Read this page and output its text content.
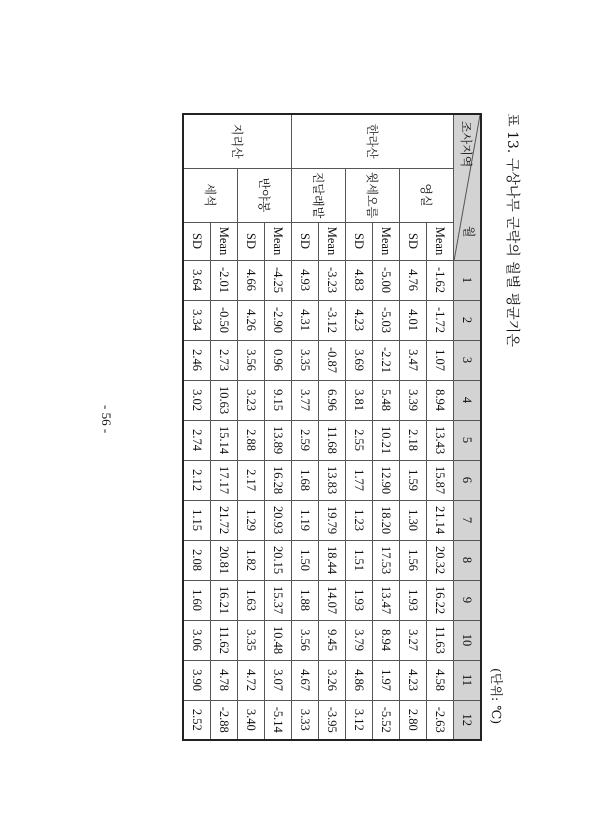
표 13. 구상나무 군락의 월별 평균기온
(단위: ℃)
월
조사지역			1	2	3	4	5	6	7	8	9	10	11	12
한라산	영실	Mean	-1.62	-1.72	1.07	8.94	13.43	15.87	21.14	20.32	16.22	11.63	4.58	-2.63
		SD	4.76	4.01	3.47	3.39	2.18	1.59	1.30	1.56	1.93	3.27	4.23	2.80
	윗세오름	Mean	-5.00	-5.03	-2.21	5.48	10.21	12.90	18.20	17.53	13.47	8.94	1.97	-5.52
		SD	4.83	4.23	3.69	3.81	2.55	1.77	1.23	1.51	1.93	3.79	4.86	3.12
	진달래밭	Mean	-3.23	-3.12	-0.87	6.96	11.68	13.83	19.79	18.44	14.07	9.45	3.26	-3.95
		SD	4.93	4.31	3.35	3.77	2.59	1.68	1.19	1.50	1.88	3.56	4.67	3.33
지리산	반야봉	Mean	-4.25	-2.90	0.96	9.15	13.89	16.28	20.93	20.15	15.37	10.48	3.07	-5.14
		SD	4.66	4.26	3.56	3.23	2.88	2.17	1.29	1.82	1.63	3.35	4.72	3.40
	세석	Mean	-2.01	-0.50	2.73	10.63	15.14	17.17	21.72	20.81	16.21	11.62	4.78	-2.88
		SD	3.64	3.34	2.46	3.02	2.74	2.12	1.15	2.08	1.60	3.06	3.90	2.52
- 56 -
